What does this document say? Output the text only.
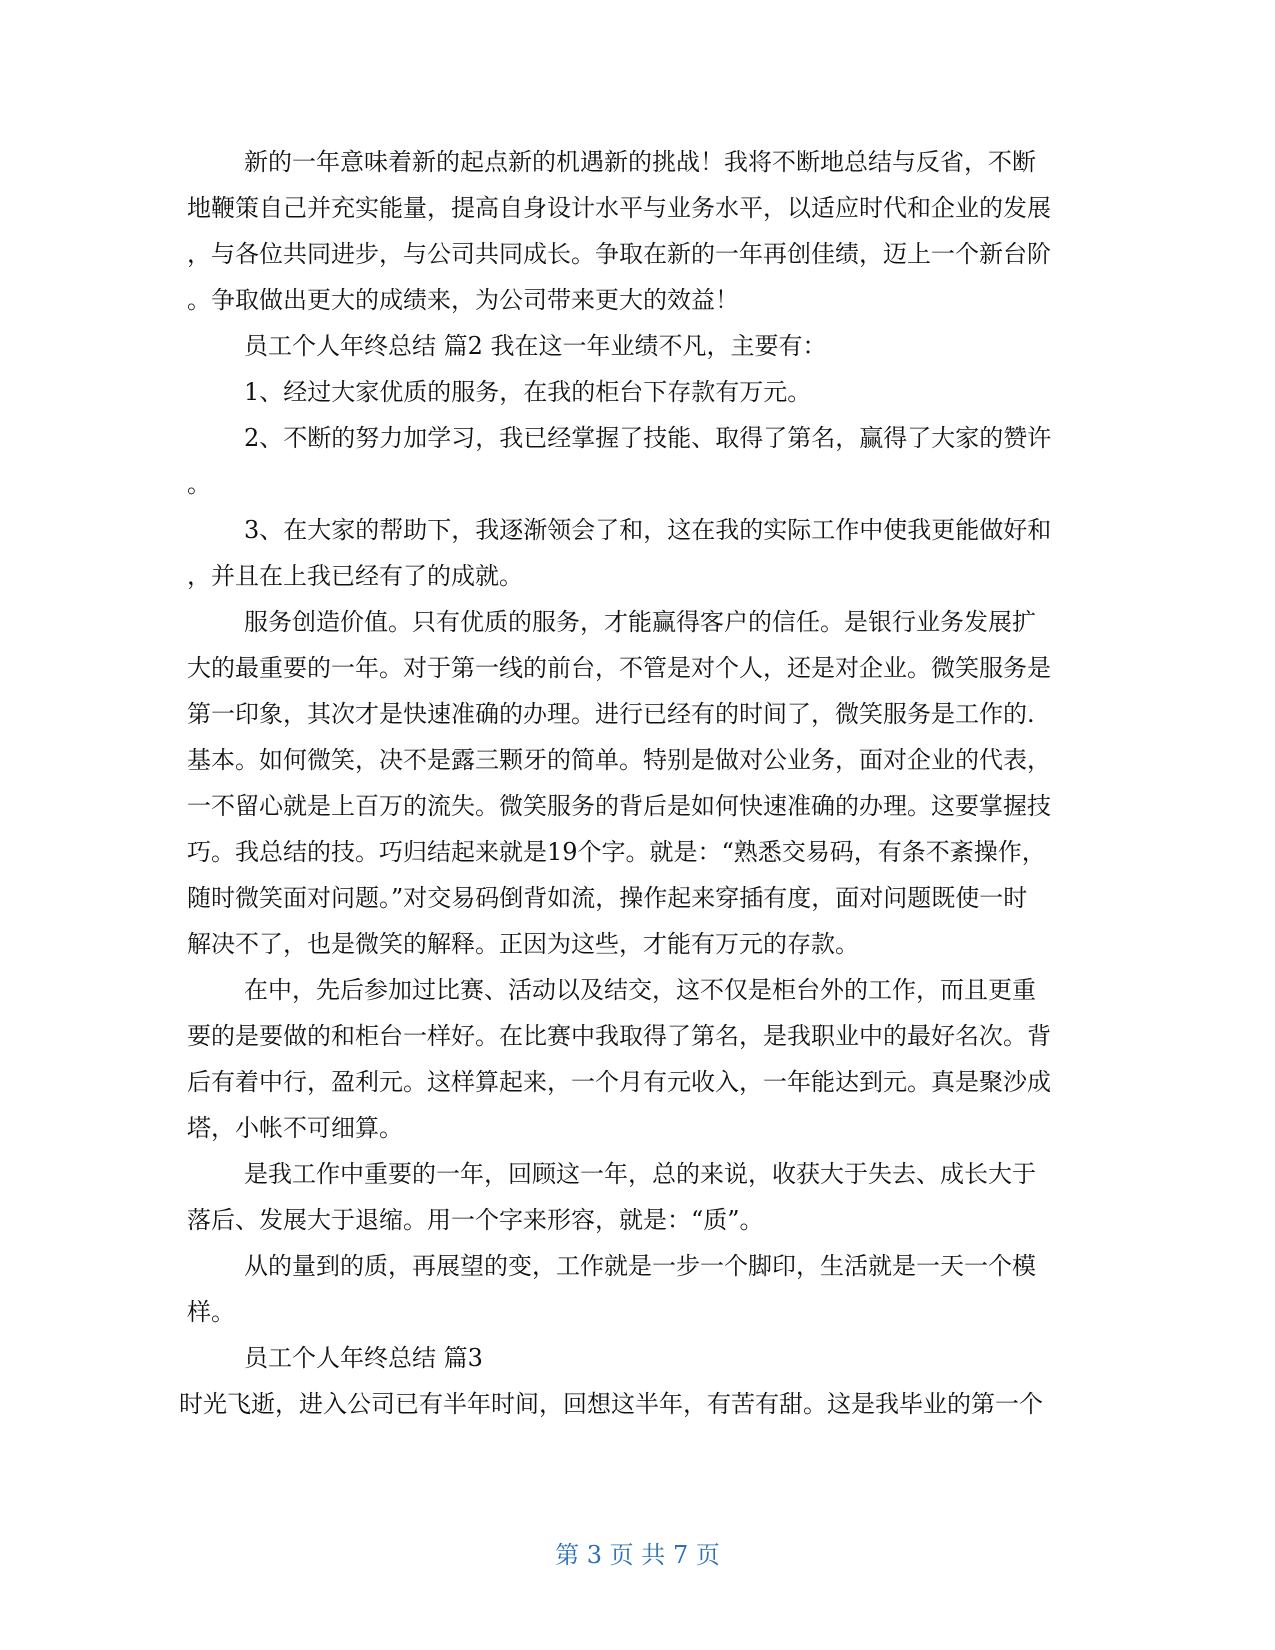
新的一年意味着新的起点新的机遇新的挑战！我将不断地总结与反省，不断
地鞭策自己并充实能量，提高自身设计水平与业务水平，以适应时代和企业的发展
，与各位共同进步，与公司共同成长。争取在新的一年再创佳绩，迈上一个新台阶
。争取做出更大的成绩来，为公司带来更大的效益！
员工个人年终总结 篇2 我在这一年业绩不凡，主要有：
1、经过大家优质的服务，在我的柜台下存款有万元。
2、不断的努力加学习，我已经掌握了技能、取得了第名，赢得了大家的赞许
。
3、在大家的帮助下，我逐渐领会了和，这在我的实际工作中使我更能做好和
，并且在上我已经有了的成就。
服务创造价值。只有优质的服务，才能赢得客户的信任。是银行业务发展扩
大的最重要的一年。对于第一线的前台，不管是对个人，还是对企业。微笑服务是
第一印象，其次才是快速准确的办理。进行已经有的时间了，微笑服务是工作的.
基本。如何微笑，决不是露三颗牙的简单。特别是做对公业务，面对企业的代表，
一不留心就是上百万的流失。微笑服务的背后是如何快速准确的办理。这要掌握技
巧。我总结的技。巧归结起来就是19个字。就是：“熟悉交易码，有条不紊操作，
随时微笑面对问题。”对交易码倒背如流，操作起来穿插有度，面对问题既使一时
解决不了，也是微笑的解释。正因为这些，才能有万元的存款。
在中，先后参加过比赛、活动以及结交，这不仅是柜台外的工作，而且更重
要的是要做的和柜台一样好。在比赛中我取得了第名，是我职业中的最好名次。背
后有着中行，盈利元。这样算起来，一个月有元收入，一年能达到元。真是聚沙成
塔，小帐不可细算。
是我工作中重要的一年，回顾这一年，总的来说，收获大于失去、成长大于
落后、发展大于退缩。用一个字来形容，就是：“质”。
从的量到的质，再展望的变，工作就是一步一个脚印，生活就是一天一个模
样。
员工个人年终总结 篇3
时光飞逝，进入公司已有半年时间，回想这半年，有苦有甜。这是我毕业的第一个
第 3 页 共 7 页
